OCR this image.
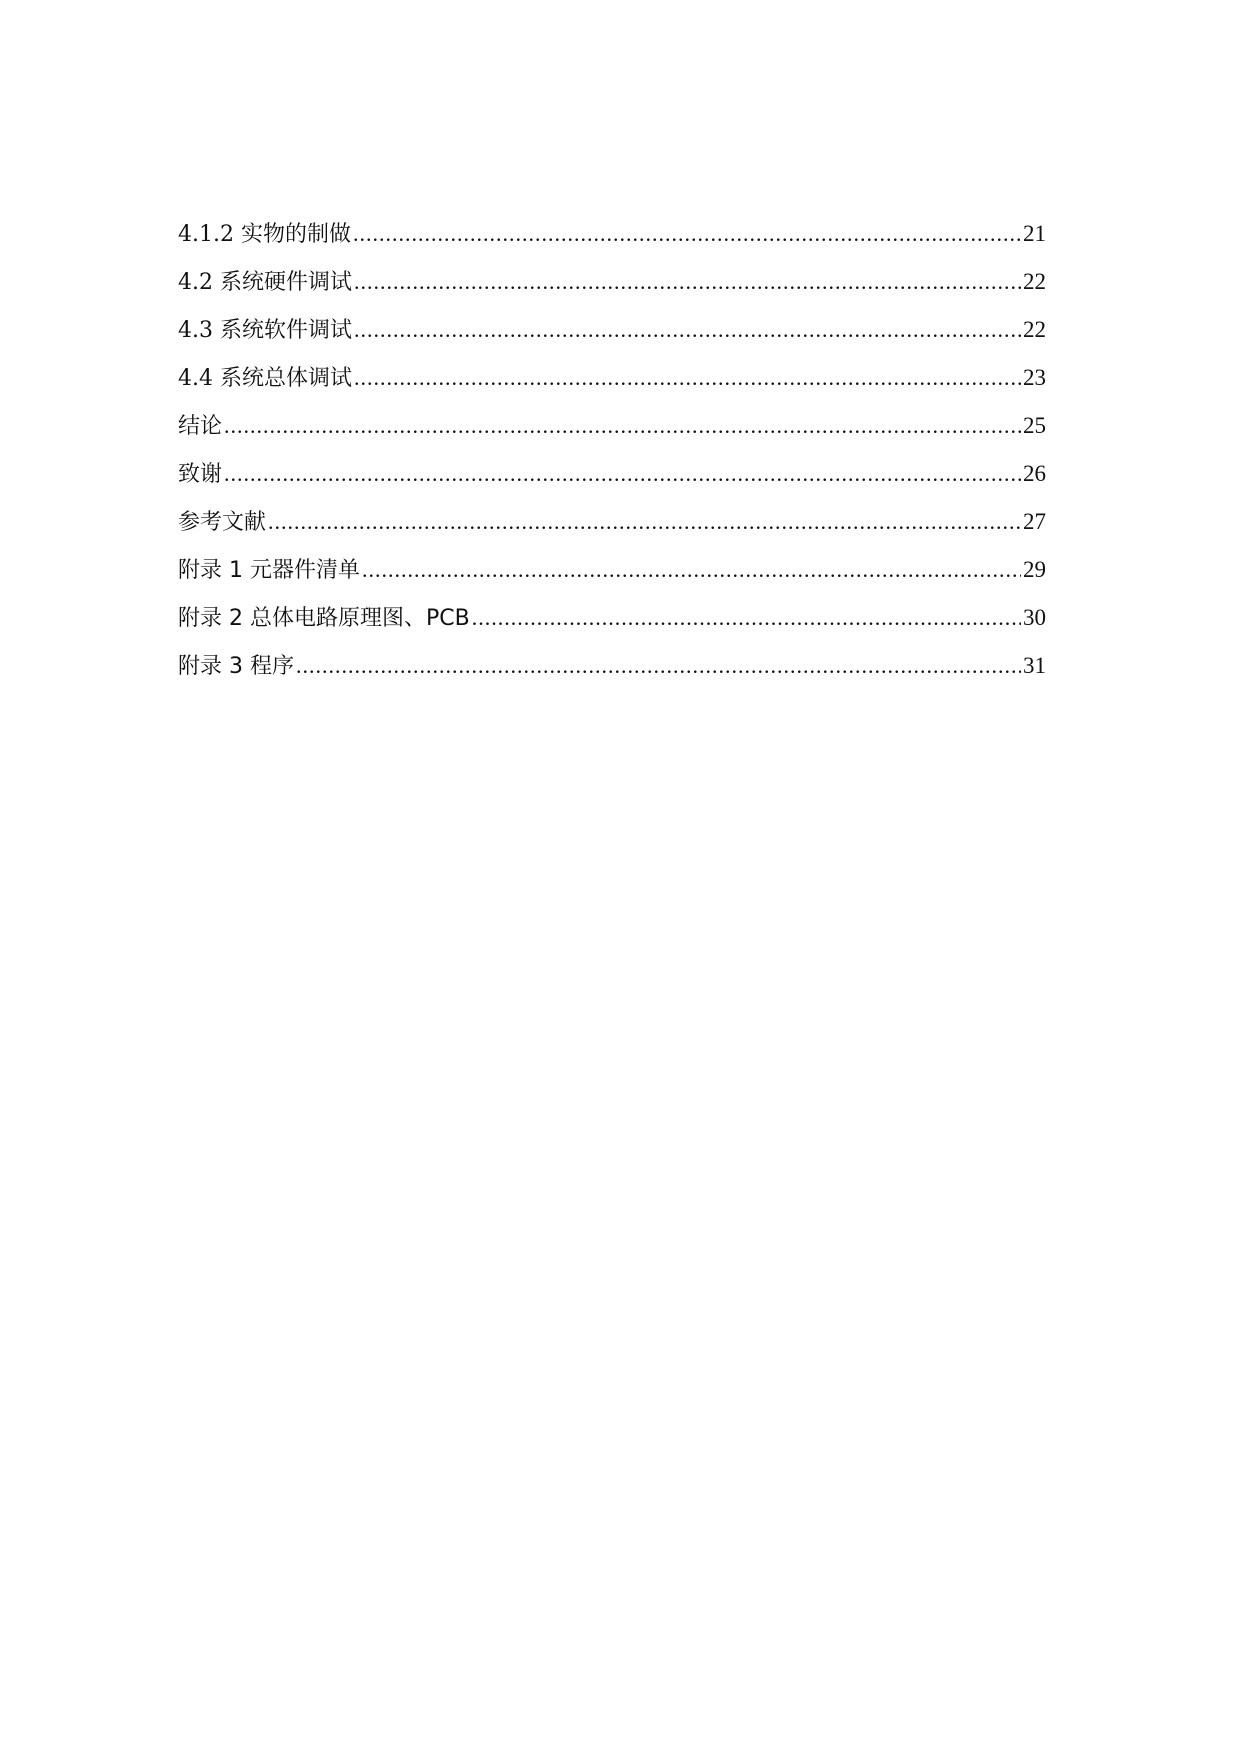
4.1.2 实物的制做 .....	21
4.2 系统硬件调试 .....	22
4.3 系统软件调试 .....	22
4.4 系统总体调试 .....	23
结论 .....	25
致谢 .....	26
参考文献 .....	27
附录 1 元器件清单 .....	29
附录 2 总体电路原理图、PCB .....	30
附录 3 程序 .....	31
